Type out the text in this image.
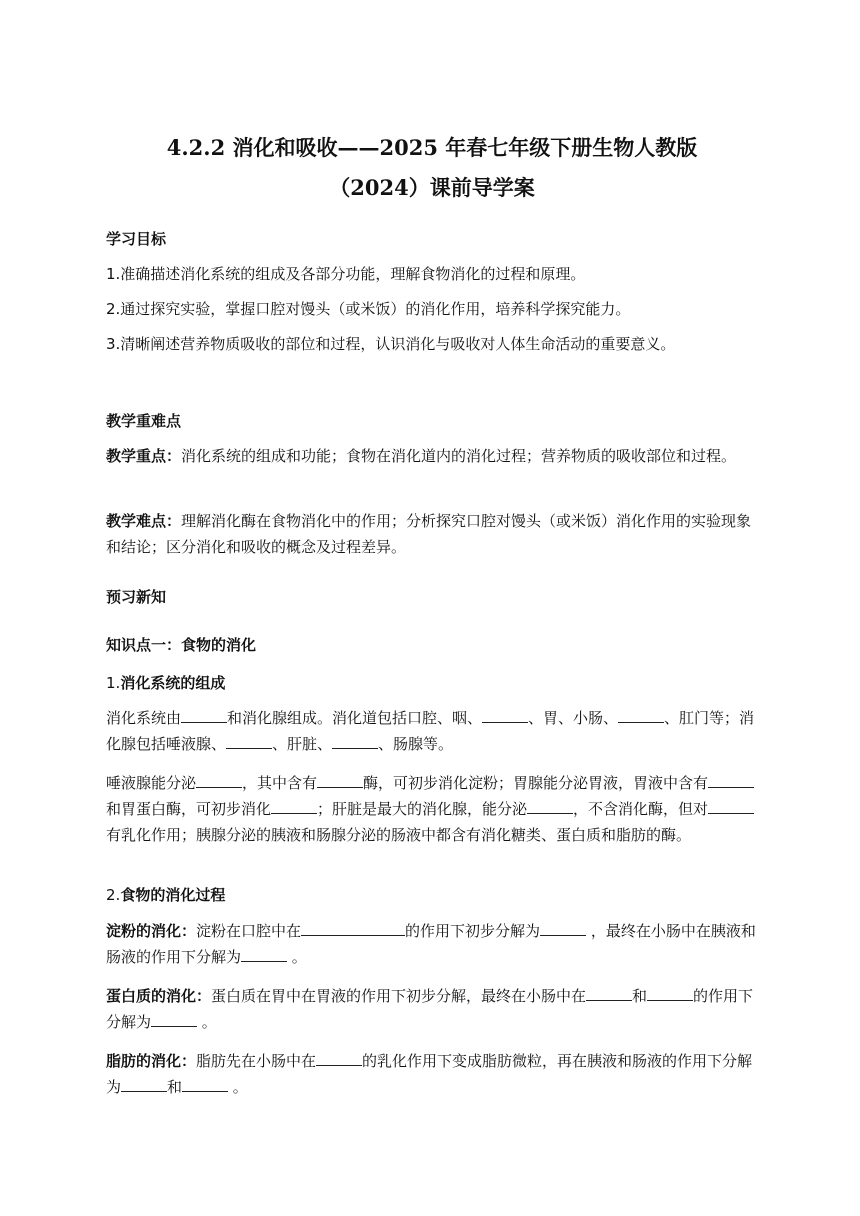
4.2.2 消化和吸收——2025 年春七年级下册生物人教版
（2024）课前导学案
学习目标
1.准确描述消化系统的组成及各部分功能，理解食物消化的过程和原理。
2.通过探究实验，掌握口腔对馒头（或米饭）的消化作用，培养科学探究能力。
3.清晰阐述营养物质吸收的部位和过程，认识消化与吸收对人体生命活动的重要意义。
教学重难点
教学重点：消化系统的组成和功能；食物在消化道内的消化过程；营养物质的吸收部位和过程。
教学难点：理解消化酶在食物消化中的作用；分析探究口腔对馒头（或米饭）消化作用的实验现象和结论；区分消化和吸收的概念及过程差异。
预习新知
知识点一：食物的消化
1.消化系统的组成
消化系统由	和消化腺组成。消化道包括口腔、咽、	、胃、小肠、	、肛门等；消化腺包括唾液腺、	、肝脏、	、肠腺等。
唾液腺能分泌	，其中含有	酶，可初步消化淀粉；胃腺能分泌胃液，胃液中含有和胃蛋白酶，可初步消化	；肝脏是最大的消化腺，能分泌	，不含消化酶，但对有乳化作用；胰腺分泌的胰液和肠腺分泌的肠液中都含有消化糖类、蛋白质和脂肪的酶。
2.食物的消化过程
淀粉的消化：淀粉在口腔中在	的作用下初步分解为	，最终在小肠中在胰液和肠液的作用下分解为	。
蛋白质的消化：蛋白质在胃中在胃液的作用下初步分解，最终在小肠中在	和	的作用下分解为	。
脂肪的消化：脂肪先在小肠中在	的乳化作用下变成脂肪微粒，再在胰液和肠液的作用下分解为	和	。
